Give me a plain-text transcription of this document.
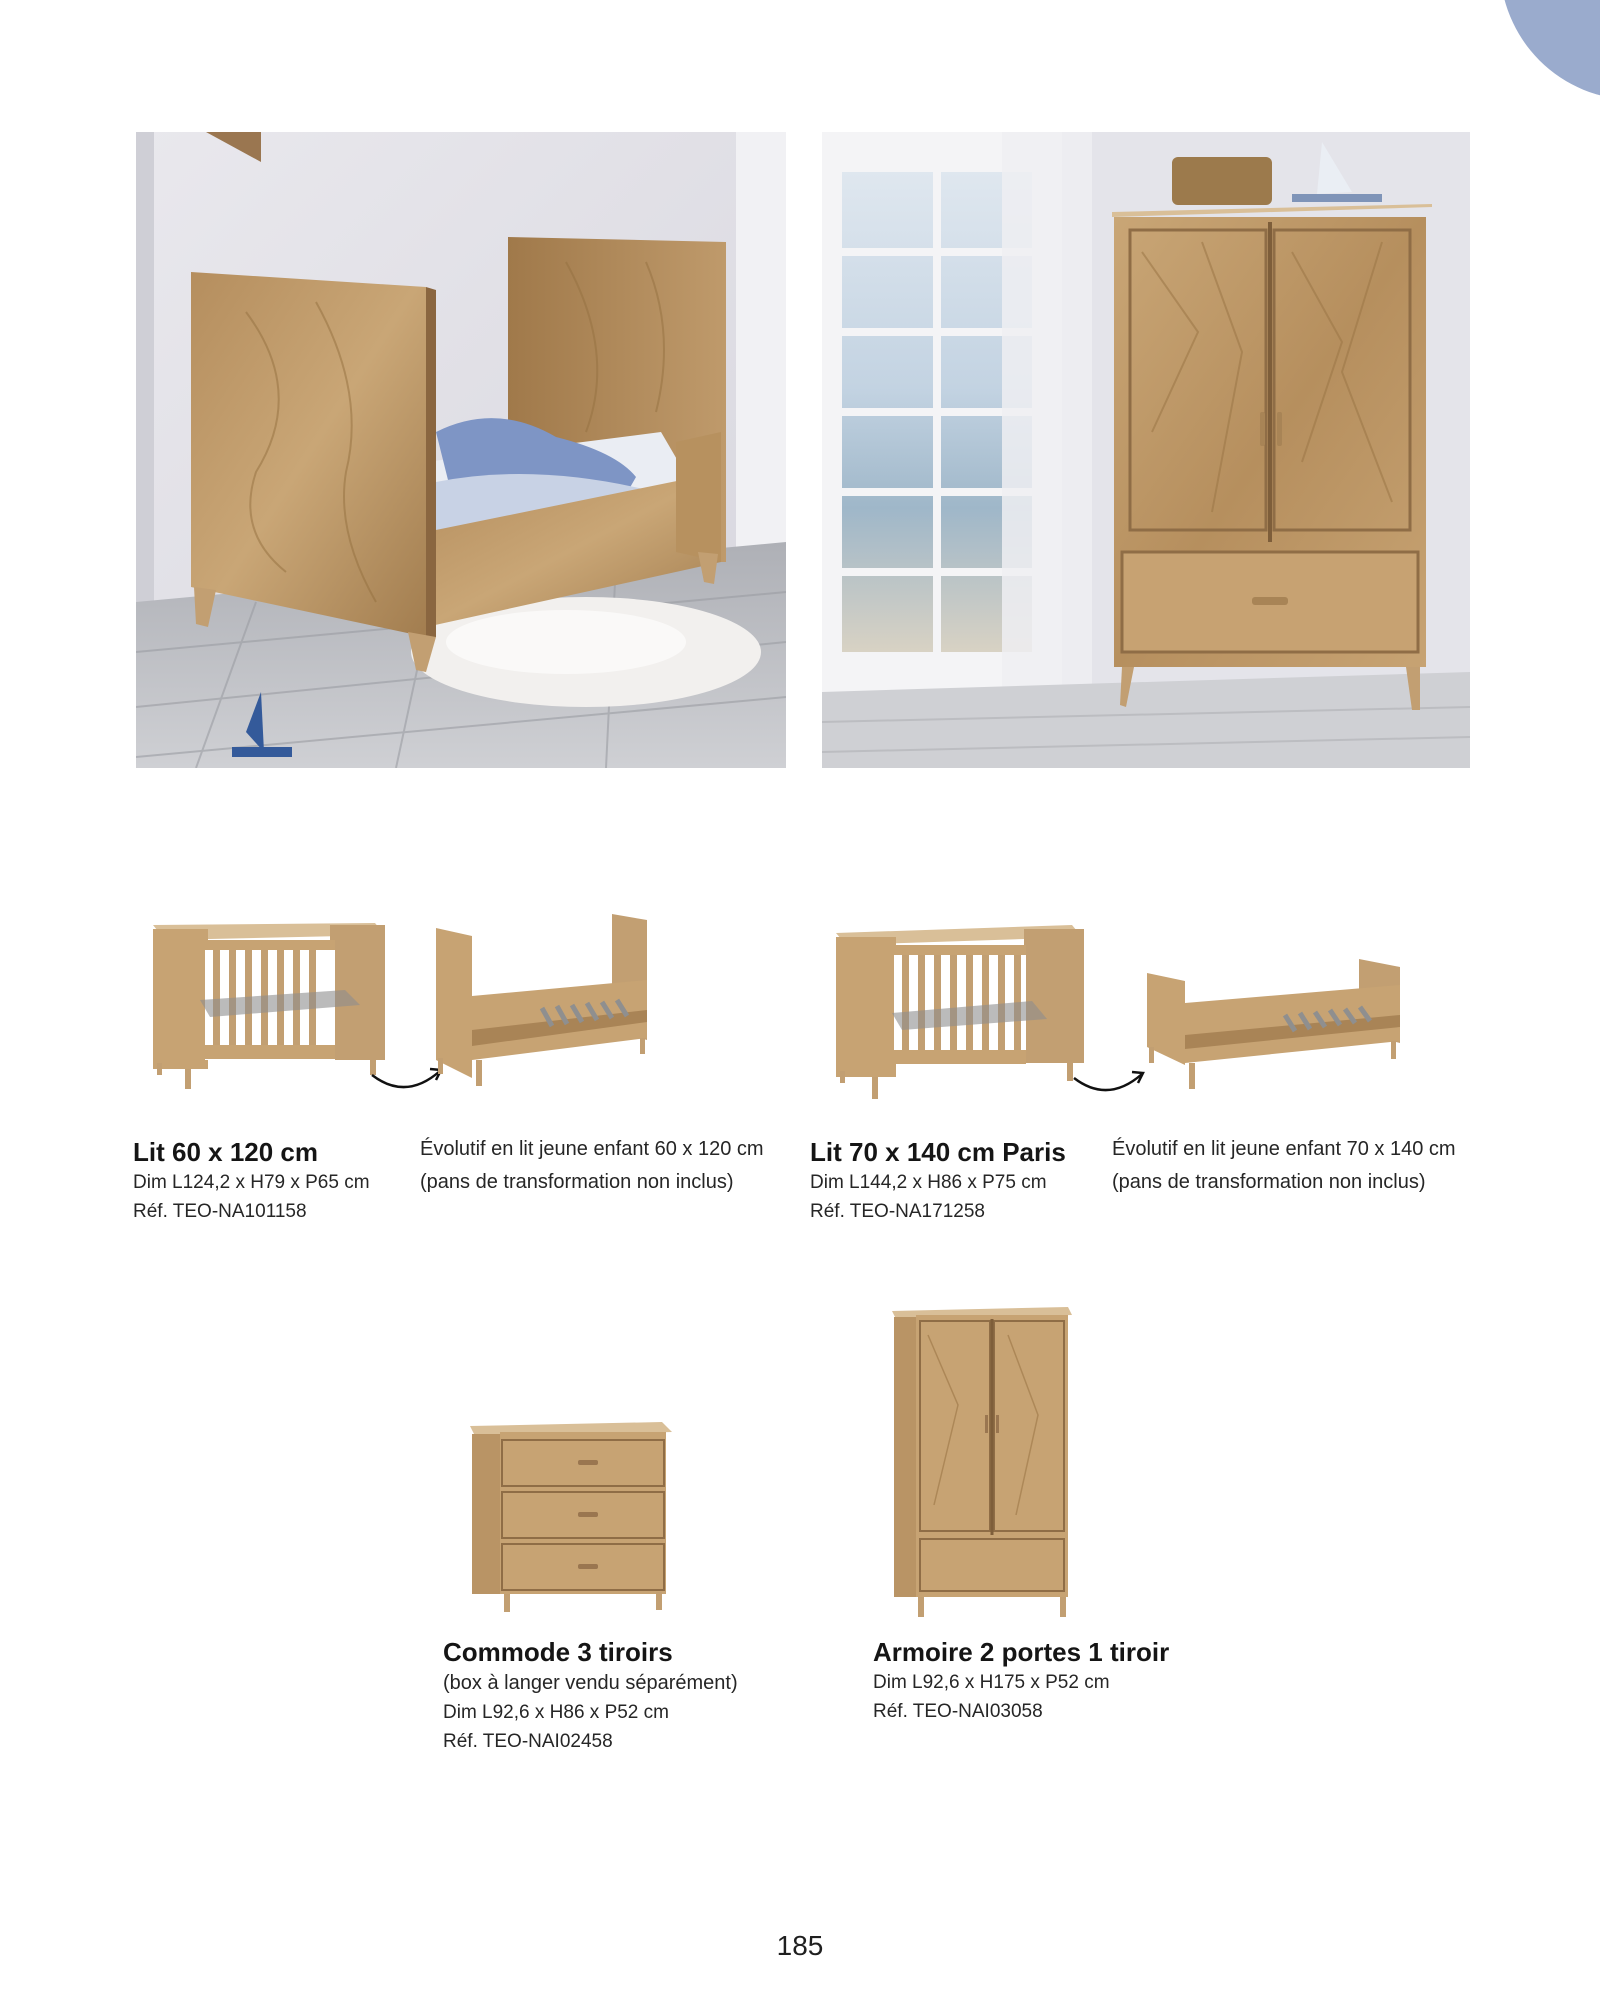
Lit 60 x 120 cm
Dim L124,2 x H79 x P65 cm
Réf. TEO-NA101158
Évolutif en lit jeune enfant 60 x 120 cm
(pans de transformation non inclus)
Lit 70 x 140 cm Paris
Dim L144,2 x H86 x P75 cm
Réf. TEO-NA171258
Évolutif en lit jeune enfant 70 x 140 cm
(pans de transformation non inclus)
Commode 3 tiroirs
(box à langer vendu séparément)
Dim L92,6 x H86 x P52 cm
Réf. TEO-NAI02458
Armoire 2 portes 1 tiroir
Dim L92,6 x H175 x P52 cm
Réf. TEO-NAI03058
185
